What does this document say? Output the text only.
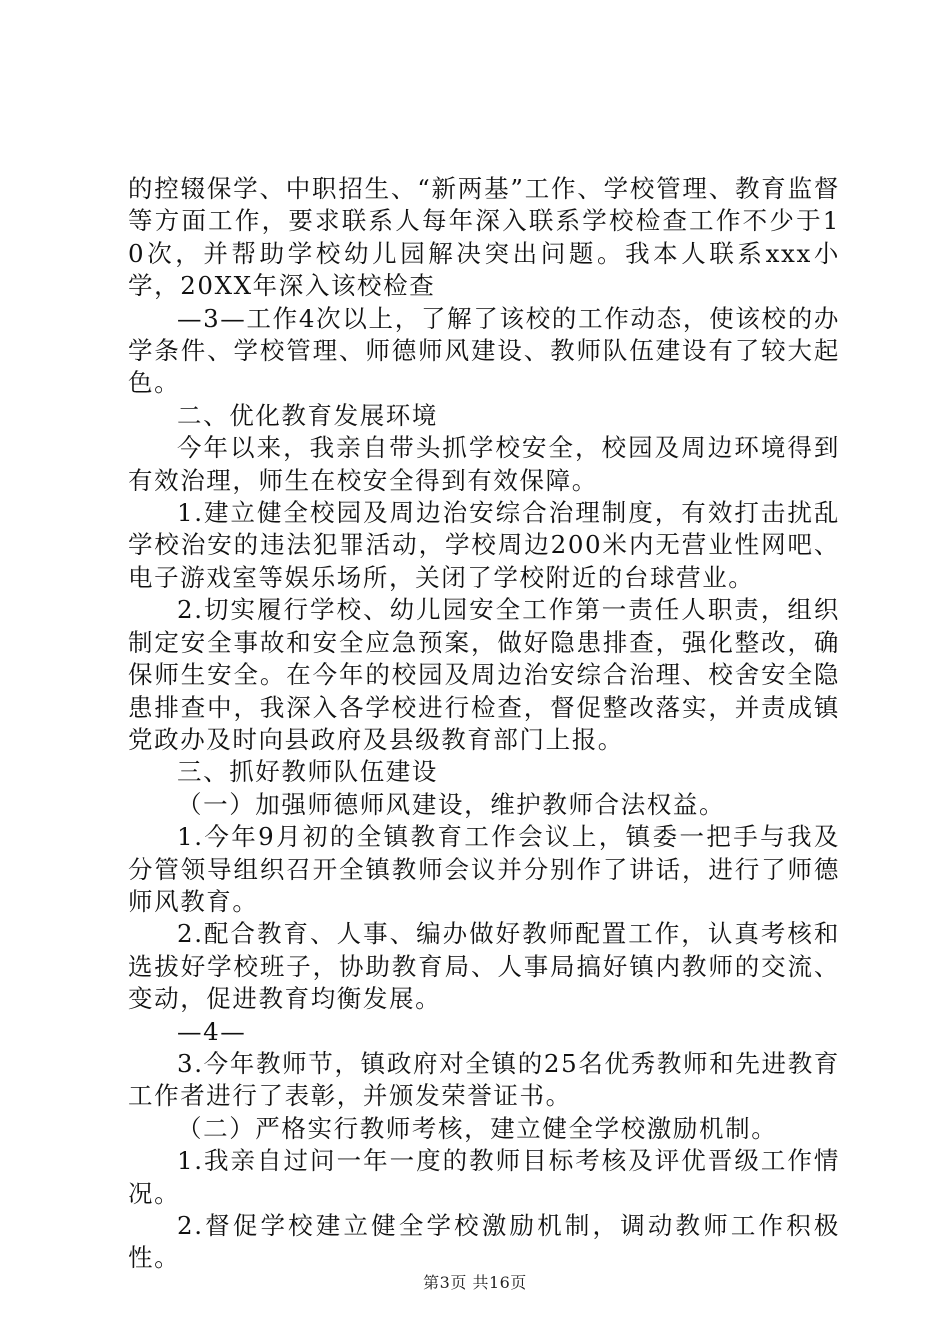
的控辍保学、中职招生、“新两基”工作、学校管理、教育监督等方面工作，要求联系人每年深入联系学校检查工作不少于10次，并帮助学校幼儿园解决突出问题。我本人联系xxx小学，20XX年深入该校检查

—3—工作4次以上，了解了该校的工作动态，使该校的办学条件、学校管理、师德师风建设、教师队伍建设有了较大起色。

二、优化教育发展环境

今年以来，我亲自带头抓学校安全，校园及周边环境得到有效治理，师生在校安全得到有效保障。

1.建立健全校园及周边治安综合治理制度，有效打击扰乱学校治安的违法犯罪活动，学校周边200米内无营业性网吧、电子游戏室等娱乐场所，关闭了学校附近的台球营业。

2.切实履行学校、幼儿园安全工作第一责任人职责，组织制定安全事故和安全应急预案，做好隐患排查，强化整改，确保师生安全。在今年的校园及周边治安综合治理、校舍安全隐患排查中，我深入各学校进行检查，督促整改落实，并责成镇党政办及时向县政府及县级教育部门上报。

三、抓好教师队伍建设

（一）加强师德师风建设，维护教师合法权益。

1.今年9月初的全镇教育工作会议上，镇委一把手与我及分管领导组织召开全镇教师会议并分别作了讲话，进行了师德师风教育。

2.配合教育、人事、编办做好教师配置工作，认真考核和选拔好学校班子，协助教育局、人事局搞好镇内教师的交流、变动，促进教育均衡发展。

—4—

3.今年教师节，镇政府对全镇的25名优秀教师和先进教育工作者进行了表彰，并颁发荣誉证书。

（二）严格实行教师考核，建立健全学校激励机制。

1.我亲自过问一年一度的教师目标考核及评优晋级工作情况。

2.督促学校建立健全学校激励机制，调动教师工作积极性。

第3页 共16页
